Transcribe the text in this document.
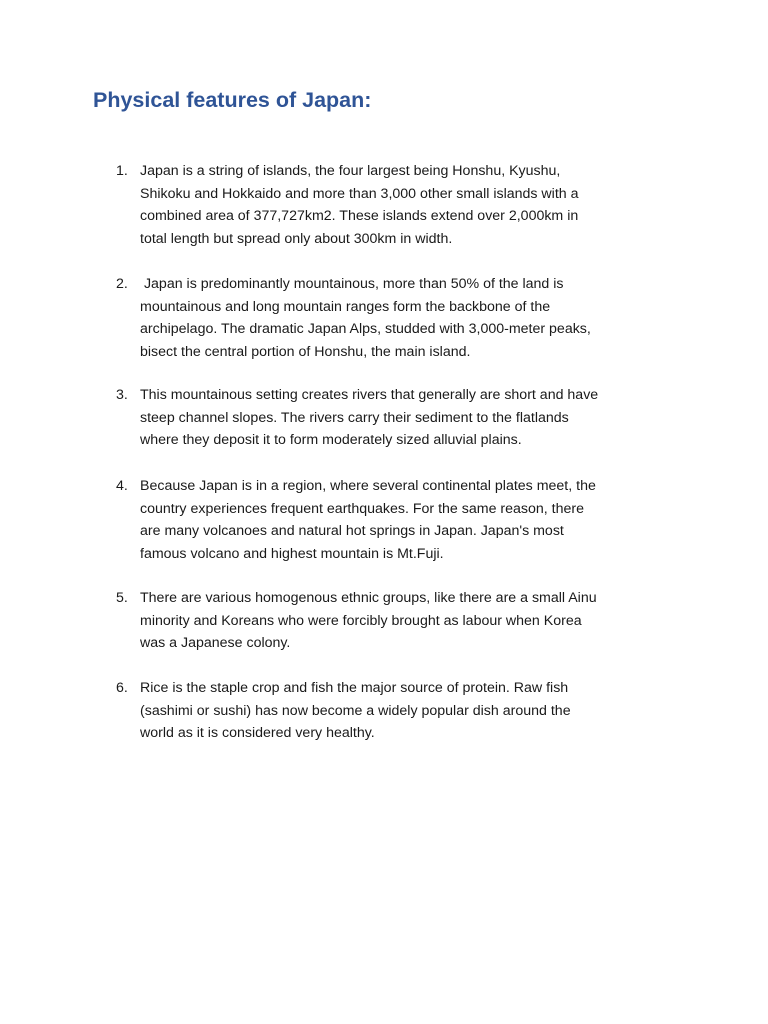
Physical features of Japan:
1. Japan is a string of islands, the four largest being Honshu, Kyushu,
Shikoku and Hokkaido and more than 3,000 other small islands with a
combined area of 377,727km2. These islands extend over 2,000km in
total length but spread only about 300km in width.
2. Japan is predominantly mountainous, more than 50% of the land is
mountainous and long mountain ranges form the backbone of the
archipelago. The dramatic Japan Alps, studded with 3,000-meter peaks,
bisect the central portion of Honshu, the main island.
3. This mountainous setting creates rivers that generally are short and have
steep channel slopes. The rivers carry their sediment to the flatlands
where they deposit it to form moderately sized alluvial plains.
4. Because Japan is in a region, where several continental plates meet, the
country experiences frequent earthquakes. For the same reason, there
are many volcanoes and natural hot springs in Japan. Japan's most
famous volcano and highest mountain is Mt.Fuji.
5. There are various homogenous ethnic groups, like there are a small Ainu
minority and Koreans who were forcibly brought as labour when Korea
was a Japanese colony.
6. Rice is the staple crop and fish the major source of protein. Raw fish
(sashimi or sushi) has now become a widely popular dish around the
world as it is considered very healthy.
